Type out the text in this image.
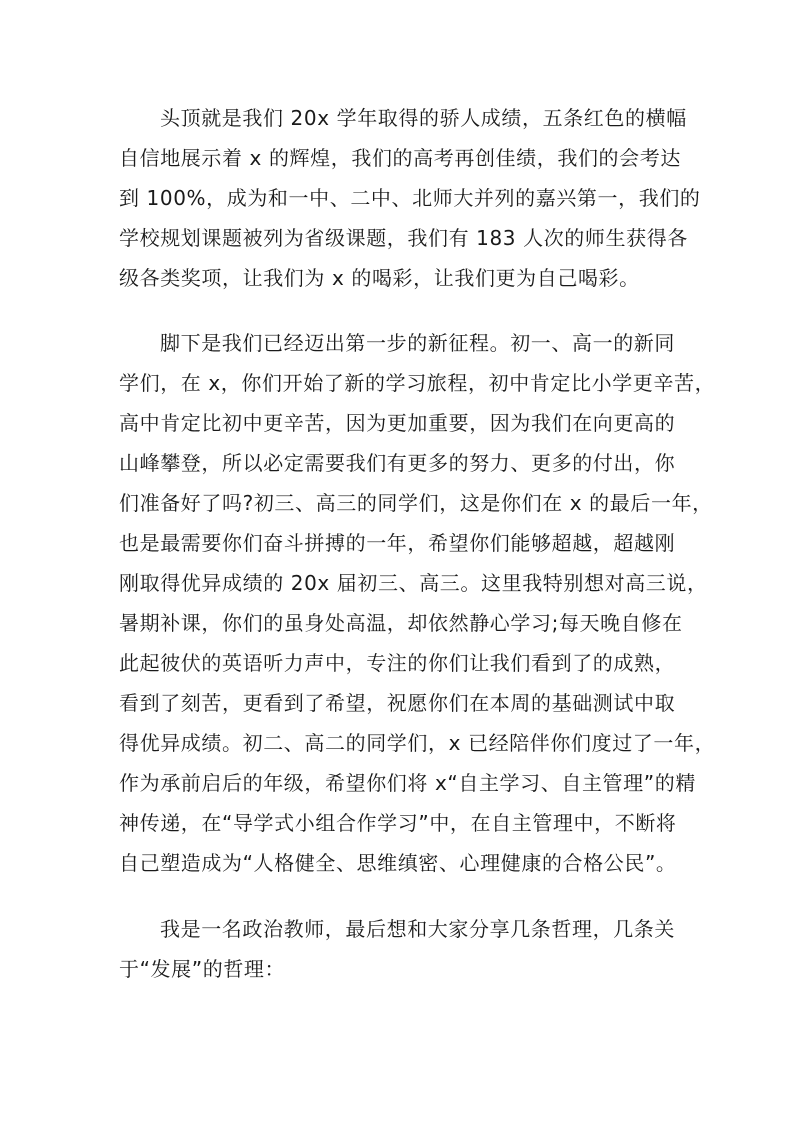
头顶就是我们 20x 学年取得的骄人成绩，五条红色的横幅
自信地展示着 x 的辉煌，我们的高考再创佳绩，我们的会考达
到 100%，成为和一中、二中、北师大并列的嘉兴第一，我们的
学校规划课题被列为省级课题，我们有 183 人次的师生获得各
级各类奖项，让我们为 x 的喝彩，让我们更为自己喝彩。
脚下是我们已经迈出第一步的新征程。初一、高一的新同
学们，在 x，你们开始了新的学习旅程，初中肯定比小学更辛苦，
高中肯定比初中更辛苦，因为更加重要，因为我们在向更高的
山峰攀登，所以必定需要我们有更多的努力、更多的付出，你
们准备好了吗?初三、高三的同学们，这是你们在 x 的最后一年，
也是最需要你们奋斗拼搏的一年，希望你们能够超越，超越刚
刚取得优异成绩的 20x 届初三、高三。这里我特别想对高三说，
暑期补课，你们的虽身处高温，却依然静心学习;每天晚自修在
此起彼伏的英语听力声中，专注的你们让我们看到了的成熟，
看到了刻苦，更看到了希望，祝愿你们在本周的基础测试中取
得优异成绩。初二、高二的同学们，x 已经陪伴你们度过了一年，
作为承前启后的年级，希望你们将 x“自主学习、自主管理”的精
神传递，在“导学式小组合作学习”中，在自主管理中，不断将
自己塑造成为“人格健全、思维缜密、心理健康的合格公民”。
我是一名政治教师，最后想和大家分享几条哲理，几条关
于“发展”的哲理：
